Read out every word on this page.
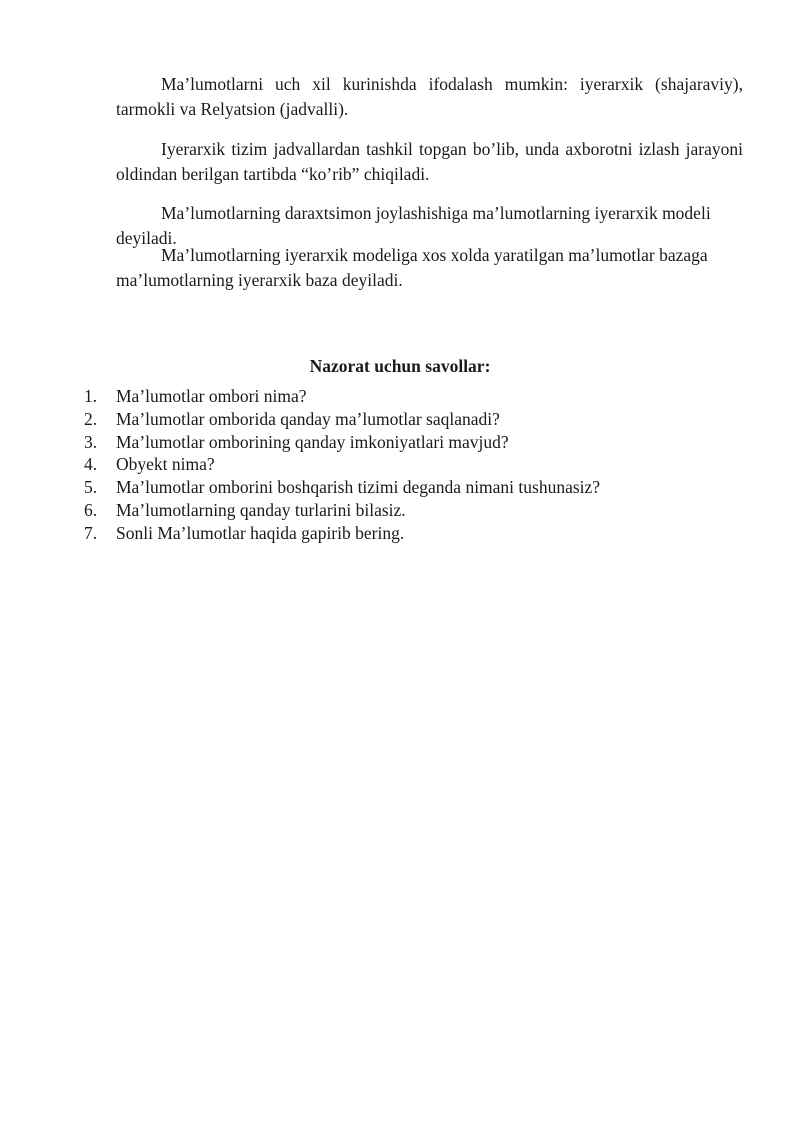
Ma’lumotlarni uch xil kurinishda ifodalash mumkin: iyerarxik (shajaraviy), tarmokli va Relyatsion (jadvalli).

Iyerarxik tizim jadvallardan tashkil topgan bo’lib, unda axborotni izlash jarayoni oldindan berilgan tartibda “ko’rib” chiqiladi.

Ma’lumotlarning daraxtsimon joylashishiga ma’lumotlarning iyerarxik modeli deyiladi.

Ma’lumotlarning iyerarxik modeliga xos xolda yaratilgan ma’lumotlar bazaga ma’lumotlarning iyerarxik baza deyiladi.

Nazorat uchun savollar:
1.	Ma’lumotlar ombori nima?
2.	Ma’lumotlar omborida qanday ma’lumotlar saqlanadi?
3.	Ma’lumotlar omborining qanday imkoniyatlari mavjud?
4.	Obyekt nima?
5.	Ma’lumotlar omborini boshqarish tizimi deganda nimani tushunasiz?
6.	Ma’lumotlarning qanday turlarini bilasiz.
7.	Sonli Ma’lumotlar haqida gapirib bering.
